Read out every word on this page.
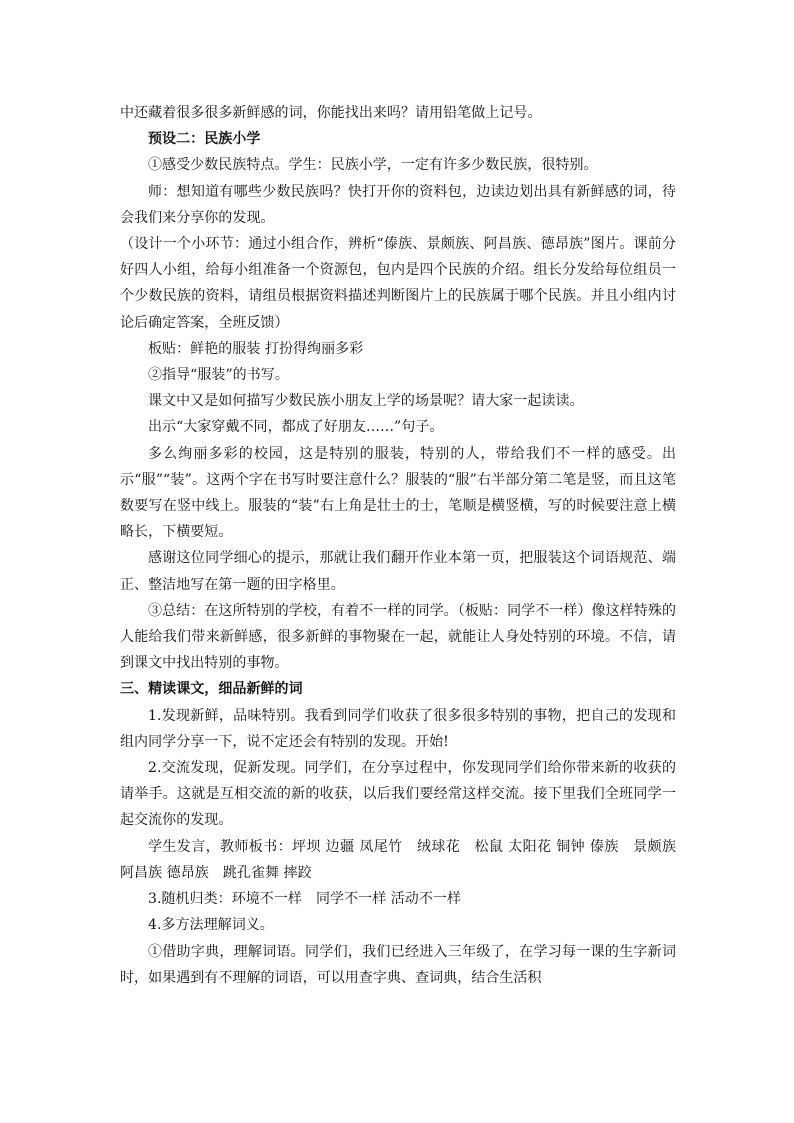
中还藏着很多很多新鲜感的词，你能找出来吗？请用铅笔做上记号。

预设二：民族小学

①感受少数民族特点。学生：民族小学，一定有许多少数民族，很特别。

师：想知道有哪些少数民族吗？快打开你的资料包，边读边划出具有新鲜感的词，待会我们来分享你的发现。

（设计一个小环节：通过小组合作，辨析“傣族、景颇族、阿昌族、德昂族”图片。课前分好四人小组，给每小组准备一个资源包，包内是四个民族的介绍。组长分发给每位组员一个少数民族的资料，请组员根据资料描述判断图片上的民族属于哪个民族。并且小组内讨论后确定答案，全班反馈）

板贴：鲜艳的服装 打扮得绚丽多彩

②指导“服装”的书写。

课文中又是如何描写少数民族小朋友上学的场景呢？请大家一起读读。

出示“大家穿戴不同，都成了好朋友……”句子。

多么绚丽多彩的校园，这是特别的服装，特别的人，带给我们不一样的感受。出示“服”“装”。这两个字在书写时要注意什么？服装的“服”右半部分第二笔是竖，而且这笔数要写在竖中线上。服装的“装”右上角是壮士的士，笔顺是横竖横，写的时候要注意上横略长，下横要短。

感谢这位同学细心的提示，那就让我们翻开作业本第一页，把服装这个词语规范、端正、整洁地写在第一题的田字格里。

③总结：在这所特别的学校，有着不一样的同学。（板贴：同学不一样）像这样特殊的人能给我们带来新鲜感，很多新鲜的事物聚在一起，就能让人身处特别的环境。不信，请到课文中找出特别的事物。

三、精读课文，细品新鲜的词

1.发现新鲜，品味特别。我看到同学们收获了很多很多特别的事物，把自己的发现和组内同学分享一下，说不定还会有特别的发现。开始!

2.交流发现，促新发现。同学们，在分享过程中，你发现同学们给你带来新的收获的请举手。这就是互相交流的新的收获，以后我们要经常这样交流。接下里我们全班同学一起交流你的发现。

学生发言，教师板书：坪坝 边疆 凤尾竹　绒球花　松鼠 太阳花 铜钟 傣族　景颇族　阿昌族 德昂族　跳孔雀舞 摔跤

3.随机归类：环境不一样　同学不一样 活动不一样

4.多方法理解词义。

①借助字典，理解词语。同学们，我们已经进入三年级了，在学习每一课的生字新词时，如果遇到有不理解的词语，可以用查字典、查词典，结合生活积
